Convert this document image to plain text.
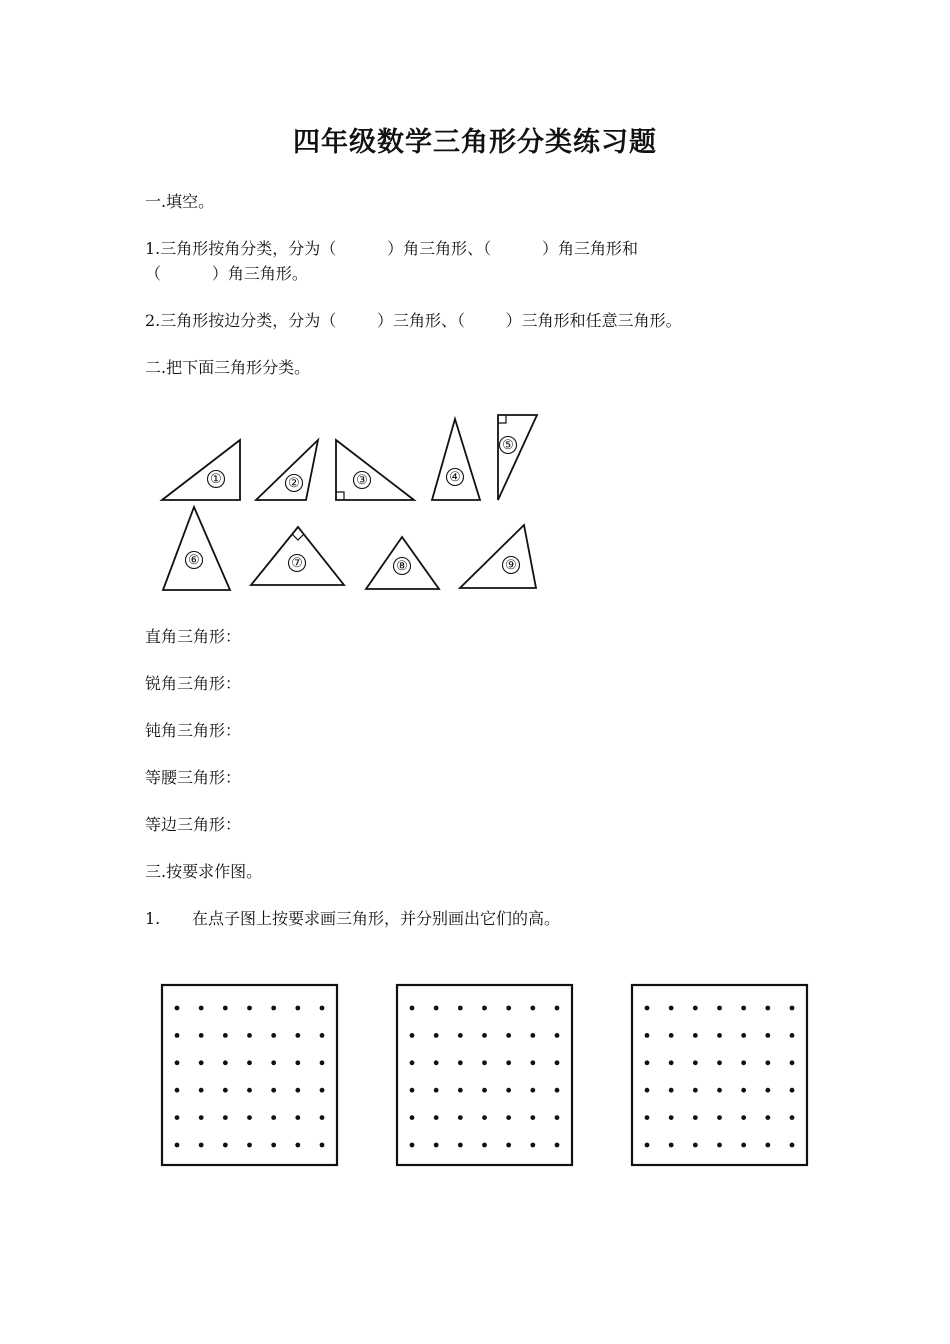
四年级数学三角形分类练习题
一.填空。
1.三角形按角分类，分为（          ）角三角形、（          ）角三角形和
（          ）角三角形。
2.三角形按边分类，分为（        ）三角形、（        ）三角形和任意三角形。
二.把下面三角形分类。
①	②	③	④
⑤
⑥	⑦	⑧	⑨
直角三角形：
锐角三角形：
钝角三角形：
等腰三角形：
等边三角形：
三.按要求作图。
1. 在点子图上按要求画三角形，并分别画出它们的高。
